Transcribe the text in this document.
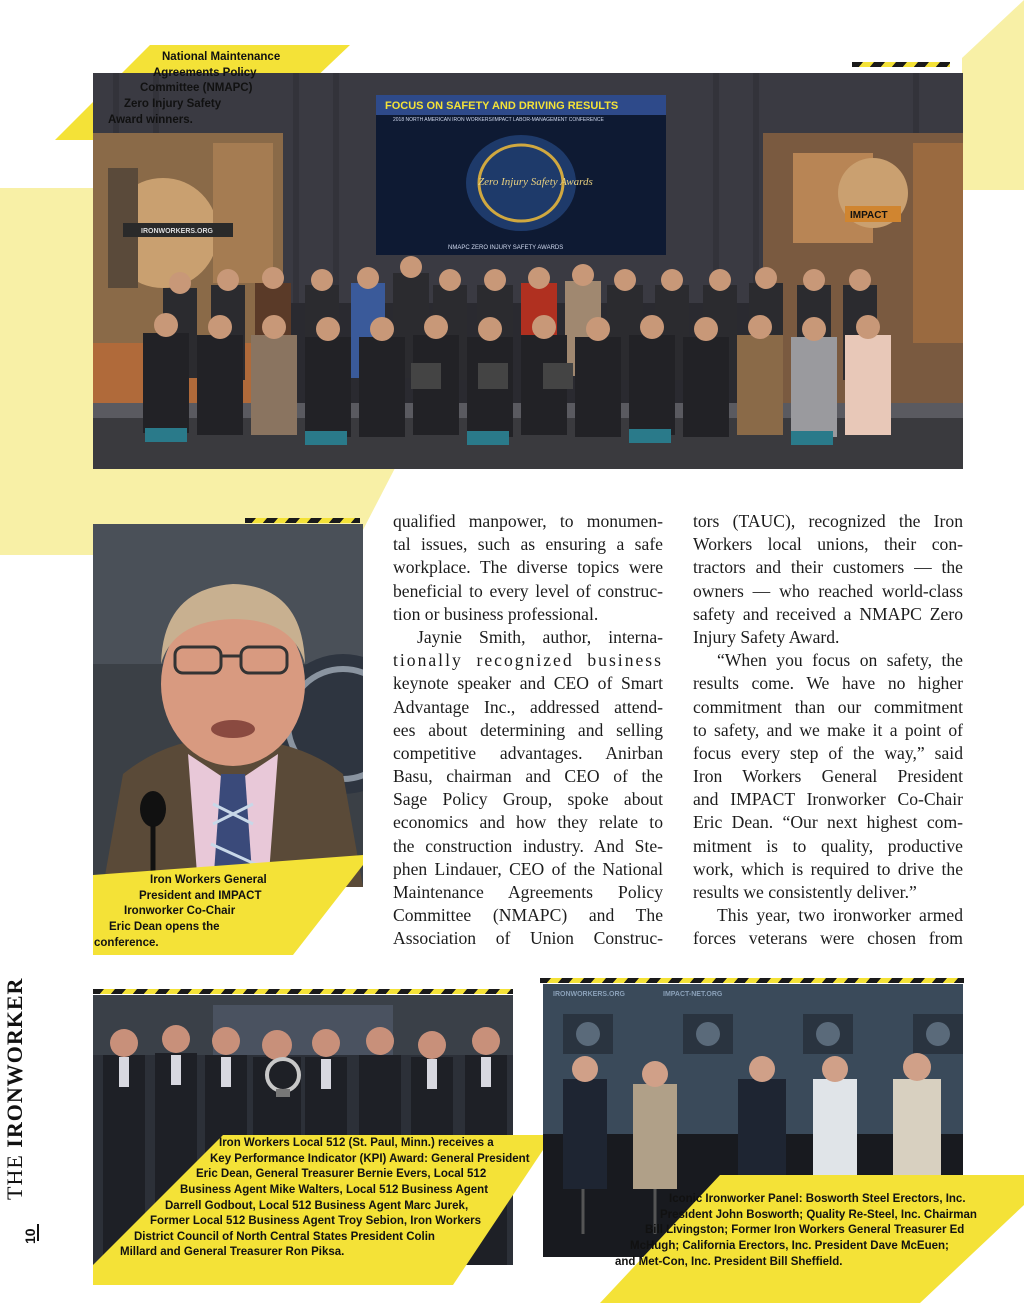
National Maintenance
Agreements Policy
Committee (NMAPC)
Zero Injury Safety
Award winners.
IRONWORKERS.ORG
IMPACT
FOCUS ON SAFETY AND DRIVING RESULTS
2018 NORTH AMERICAN IRON WORKERS/IMPACT LABOR-MANAGEMENT CONFERENCE
Zero Injury Safety Awards
NMAPC ZERO INJURY SAFETY AWARDS
Iron Workers General
President and IMPACT
Ironworker Co-Chair
Eric Dean opens the
conference.
qualified manpower, to monumen-
tal issues, such as ensuring a safe
workplace. The diverse topics were
beneficial to every level of construc-
tion or business professional.
Jaynie Smith, author, interna-
tionally recognized business
keynote speaker and CEO of Smart
Advantage Inc., addressed attend-
ees about determining and selling
competitive advantages. Anirban
Basu, chairman and CEO of the
Sage Policy Group, spoke about
economics and how they relate to
the construction industry. And Ste-
phen Lindauer, CEO of the National
Maintenance Agreements Policy
Committee (NMAPC) and The
Association of Union Construc-
tors (TAUC), recognized the Iron
Workers local unions, their con-
tractors and their customers — the
owners — who reached world-class
safety and received a NMAPC Zero
Injury Safety Award.
“When you focus on safety, the
results come. We have no higher
commitment than our commitment
to safety, and we make it a point of
focus every step of the way,” said
Iron Workers General President
and IMPACT Ironworker Co-Chair
Eric Dean. “Our next highest com-
mitment is to quality, productive
work, which is required to drive the
results we consistently deliver.”
This year, two ironworker armed
forces veterans were chosen from
Iron Workers Local 512 (St. Paul, Minn.) receives a
Key Performance Indicator (KPI) Award: General President
Eric Dean, General Treasurer Bernie Evers, Local 512
Business Agent Mike Walters, Local 512 Business Agent
Darrell Godbout, Local 512 Business Agent Marc Jurek,
Former Local 512 Business Agent Troy Sebion, Iron Workers
District Council of North Central States President Colin
Millard and General Treasurer Ron Piksa.
IRONWORKERS.ORG	IMPACT-NET.ORG
Iconic Ironworker Panel: Bosworth Steel Erectors, Inc.
President John Bosworth; Quality Re-Steel, Inc. Chairman
Bill Livingston; Former Iron Workers General Treasurer Ed
McHugh; California Erectors, Inc. President Dave McEuen;
and Met-Con, Inc. President Bill Sheffield.
THE IRONWORKER
10
